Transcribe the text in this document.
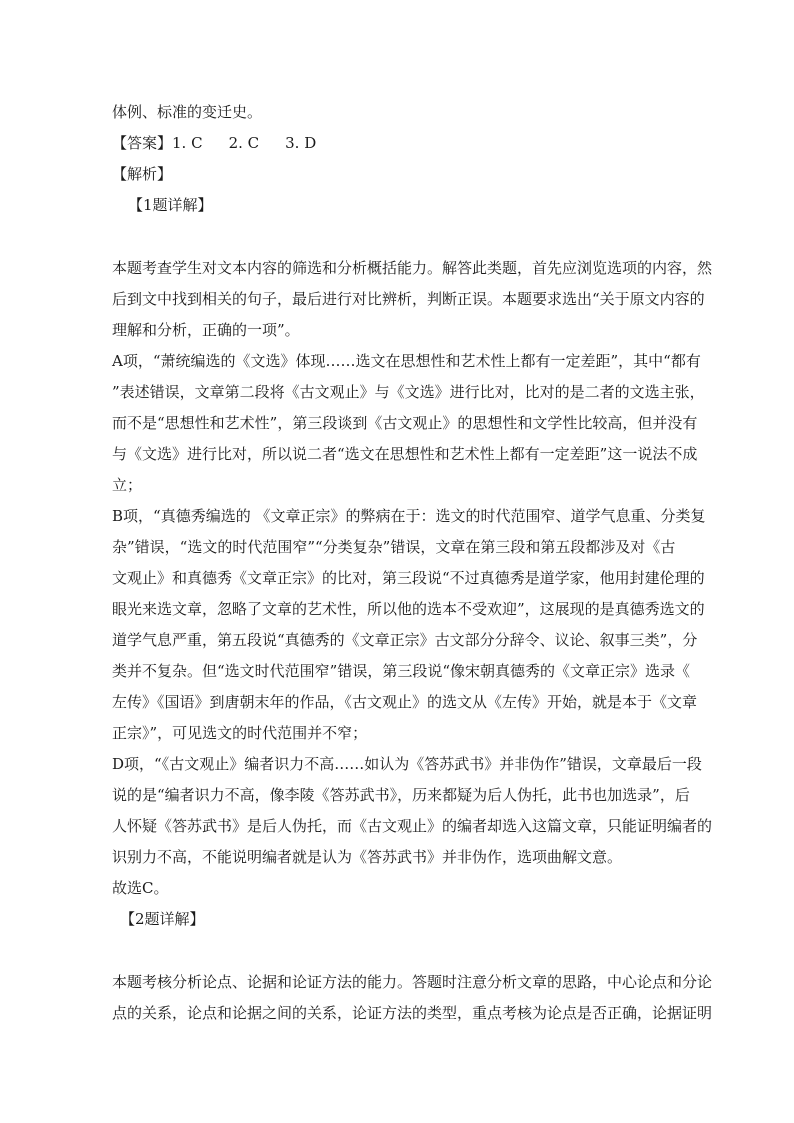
体例、标准的变迁史。
【答案】1. C 2. C 3. D
【解析】
【1题详解】
本题考查学生对文本内容的筛选和分析概括能力。解答此类题，首先应浏览选项的内容，然
后到文中找到相关的句子，最后进行对比辨析，判断正误。本题要求选出“关于原文内容的
理解和分析，正确的一项”。
A项，“萧统编选的《文选》体现……选文在思想性和艺术性上都有一定差距”，其中“都有
”表述错误，文章第二段将《古文观止》与《文选》进行比对，比对的是二者的文选主张，
而不是“思想性和艺术性”，第三段谈到《古文观止》的思想性和文学性比较高，但并没有
与《文选》进行比对，所以说二者“选文在思想性和艺术性上都有一定差距”这一说法不成
立；
B项，“真德秀编选的 《文章正宗》的弊病在于：选文的时代范围窄、道学气息重、分类复
杂”错误，“选文的时代范围窄”“分类复杂”错误，文章在第三段和第五段都涉及对《古
文观止》和真德秀《文章正宗》的比对，第三段说“不过真德秀是道学家，他用封建伦理的
眼光来选文章，忽略了文章的艺术性，所以他的选本不受欢迎”，这展现的是真德秀选文的
道学气息严重，第五段说“真德秀的《文章正宗》古文部分分辞令、议论、叙事三类”，分
类并不复杂。但“选文时代范围窄”错误，第三段说“像宋朝真德秀的《文章正宗》选录《
左传》《国语》到唐朝末年的作品，《古文观止》的选文从《左传》开始，就是本于《文章
正宗》”，可见选文的时代范围并不窄；
D项，“《古文观止》编者识力不高……如认为《答苏武书》并非伪作”错误，文章最后一段
说的是“编者识力不高，像李陵《答苏武书》，历来都疑为后人伪托，此书也加选录”，后
人怀疑《答苏武书》是后人伪托，而《古文观止》的编者却选入这篇文章，只能证明编者的
识别力不高，不能说明编者就是认为《答苏武书》并非伪作，选项曲解文意。
故选C。
【2题详解】
本题考核分析论点、论据和论证方法的能力。答题时注意分析文章的思路，中心论点和分论
点的关系，论点和论据之间的关系，论证方法的类型，重点考核为论点是否正确，论据证明
